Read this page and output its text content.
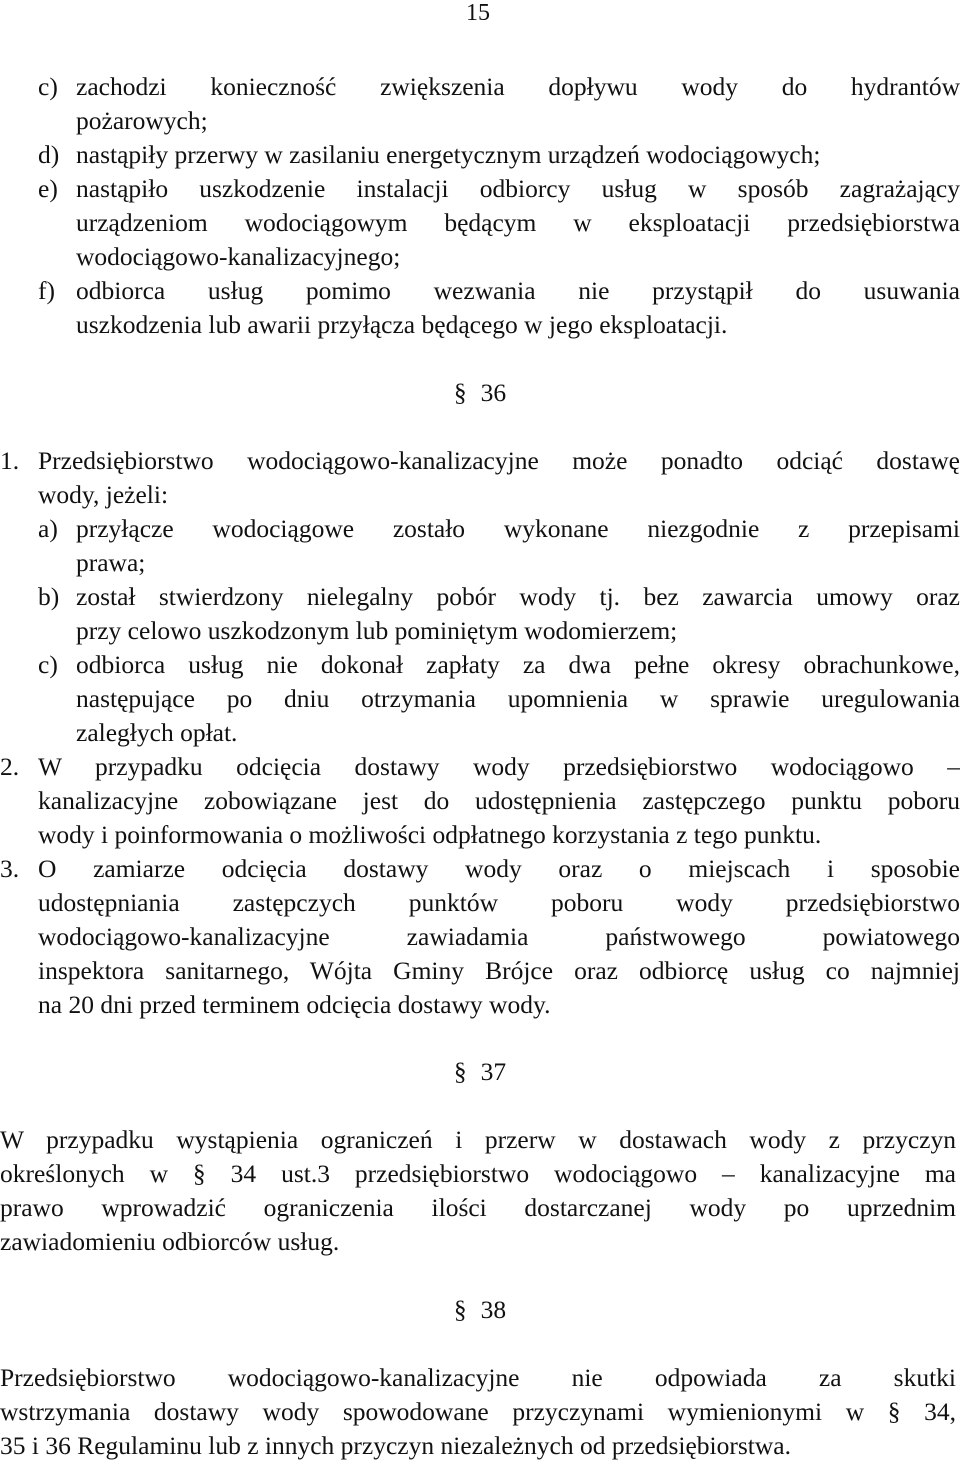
15
c) zachodzi konieczność zwiększenia dopływu wody do hydrantów
pożarowych;
d) nastąpiły przerwy w zasilaniu energetycznym urządzeń wodociągowych;
e) nastąpiło uszkodzenie instalacji odbiorcy usług w sposób zagrażający
urządzeniom wodociągowym będącym w eksploatacji przedsiębiorstwa
wodociągowo-kanalizacyjnego;
f) odbiorca usług pomimo wezwania nie przystąpił do usuwania
uszkodzenia lub awarii przyłącza będącego w jego eksploatacji.
§ 36
1. Przedsiębiorstwo wodociągowo-kanalizacyjne może ponadto odciąć dostawę
wody, jeżeli:
a) przyłącze wodociągowe zostało wykonane niezgodnie z przepisami
prawa;
b) został stwierdzony nielegalny pobór wody tj. bez zawarcia umowy oraz
przy celowo uszkodzonym lub pominiętym wodomierzem;
c) odbiorca usług nie dokonał zapłaty za dwa pełne okresy obrachunkowe,
następujące po dniu otrzymania upomnienia w sprawie uregulowania
zaległych opłat.
2. W przypadku odcięcia dostawy wody przedsiębiorstwo wodociągowo –
kanalizacyjne zobowiązane jest do udostępnienia zastępczego punktu poboru
wody i poinformowania o możliwości odpłatnego korzystania z tego punktu.
3. O zamiarze odcięcia dostawy wody oraz o miejscach i sposobie
udostępniania zastępczych punktów poboru wody przedsiębiorstwo
wodociągowo-kanalizacyjne zawiadamia państwowego powiatowego
inspektora sanitarnego, Wójta Gminy Brójce oraz odbiorcę usług co najmniej
na 20 dni przed terminem odcięcia dostawy wody.
§ 37
W przypadku wystąpienia ograniczeń i przerw w dostawach wody z przyczyn
określonych w § 34 ust.3 przedsiębiorstwo wodociągowo – kanalizacyjne ma
prawo wprowadzić ograniczenia ilości dostarczanej wody po uprzednim
zawiadomieniu odbiorców usług.
§ 38
Przedsiębiorstwo wodociągowo-kanalizacyjne nie odpowiada za skutki
wstrzymania dostawy wody spowodowane przyczynami wymienionymi w § 34,
35 i 36 Regulaminu lub z innych przyczyn niezależnych od przedsiębiorstwa.
